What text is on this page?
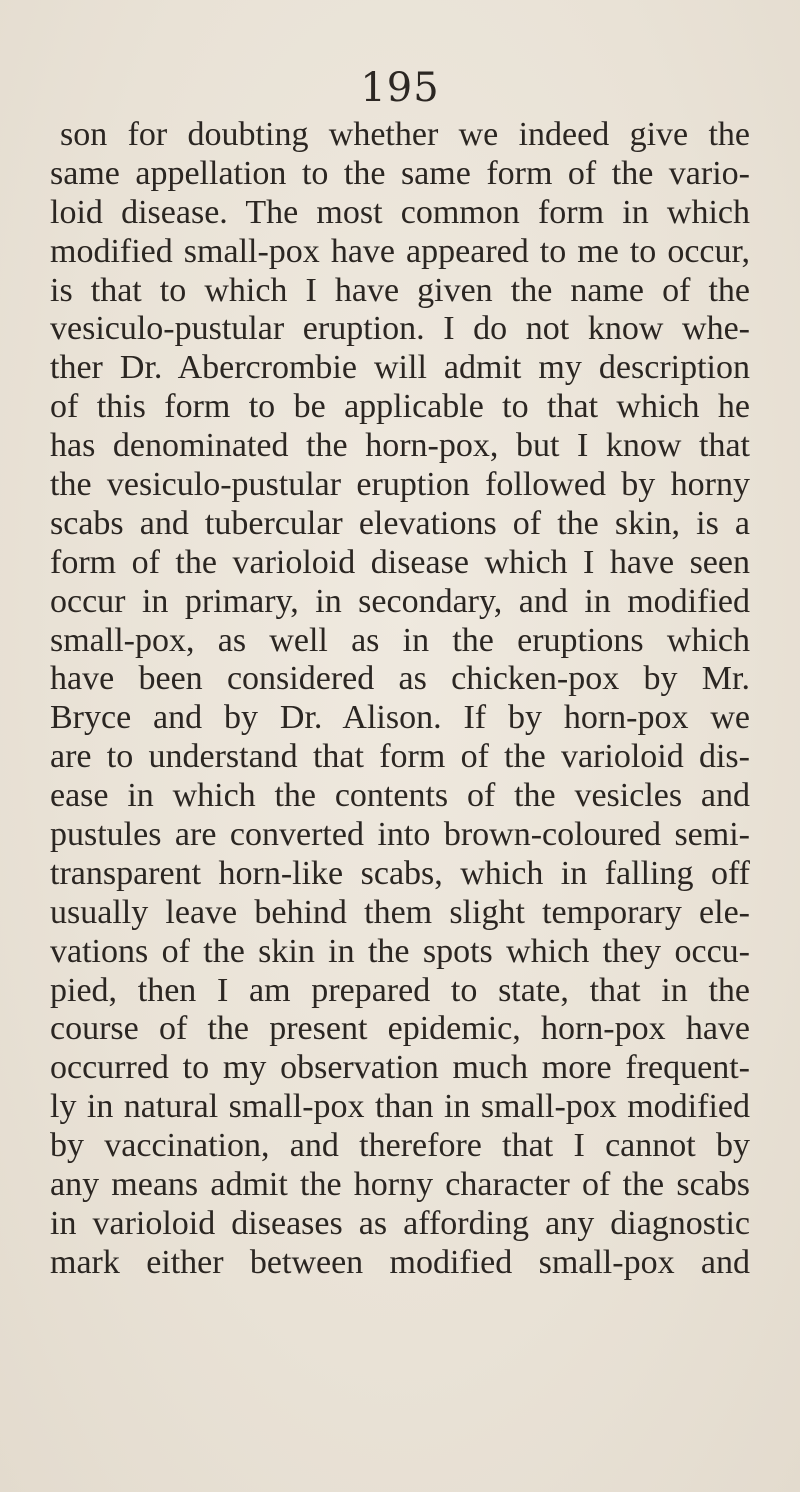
195
son for doubting whether we indeed give the
same appellation to the same form of the vario-
loid disease. The most common form in which
modified small-pox have appeared to me to occur,
is that to which I have given the name of the
vesiculo-pustular eruption. I do not know whe-
ther Dr. Abercrombie will admit my description
of this form to be applicable to that which he
has denominated the horn-pox, but I know that
the vesiculo-pustular eruption followed by horny
scabs and tubercular elevations of the skin, is a
form of the varioloid disease which I have seen
occur in primary, in secondary, and in modified
small-pox, as well as in the eruptions which
have been considered as chicken-pox by Mr.
Bryce and by Dr. Alison. If by horn-pox we
are to understand that form of the varioloid dis-
ease in which the contents of the vesicles and
pustules are converted into brown-coloured semi-
transparent horn-like scabs, which in falling off
usually leave behind them slight temporary ele-
vations of the skin in the spots which they occu-
pied, then I am prepared to state, that in the
course of the present epidemic, horn-pox have
occurred to my observation much more frequent-
ly in natural small-pox than in small-pox modified
by vaccination, and therefore that I cannot by
any means admit the horny character of the scabs
in varioloid diseases as affording any diagnostic
mark either between modified small-pox and
